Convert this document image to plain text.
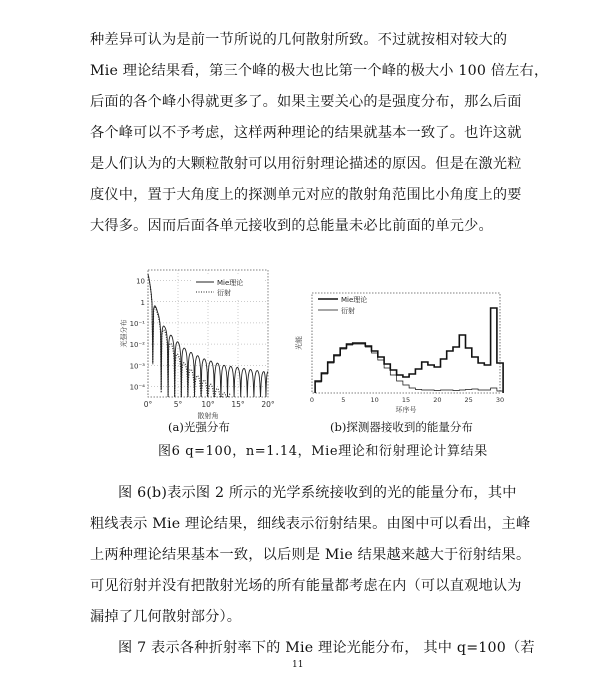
种差异可认为是前一节所说的几何散射所致。不过就按相对较大的
Mie 理论结果看，第三个峰的极大也比第一个峰的极大小 100 倍左右，
后面的各个峰小得就更多了。如果主要关心的是强度分布，那么后面
各个峰可以不予考虑，这样两种理论的结果就基本一致了。也许这就
是人们认为的大颗粒散射可以用衍射理论描述的原因。但是在激光粒
度仪中，置于大角度上的探测单元对应的散射角范围比小角度上的要
大得多。因而后面各单元接收到的总能量未必比前面的单元少。
10
1
10⁻¹
10⁻²
10⁻³
10⁻⁴
0°	5°	10° 15° 20°
散射角
光强分布
Mie理论
衍射
(a)光强分布
0	5	10	15	20	25	30
环序号
光能
Mie理论
衍射
(b)探测器接收到的能量分布
图6 q=100，n=1.14，Mie理论和衍射理论计算结果
图 6(b)表示图 2 所示的光学系统接收到的光的能量分布，其中
粗线表示 Mie 理论结果，细线表示衍射结果。由图中可以看出，主峰
上两种理论结果基本一致，以后则是 Mie 结果越来越大于衍射结果。
可见衍射并没有把散射光场的所有能量都考虑在内（可以直观地认为
漏掉了几何散射部分）。
图 7 表示各种折射率下的 Mie 理论光能分布， 其中 q=100（若
11
